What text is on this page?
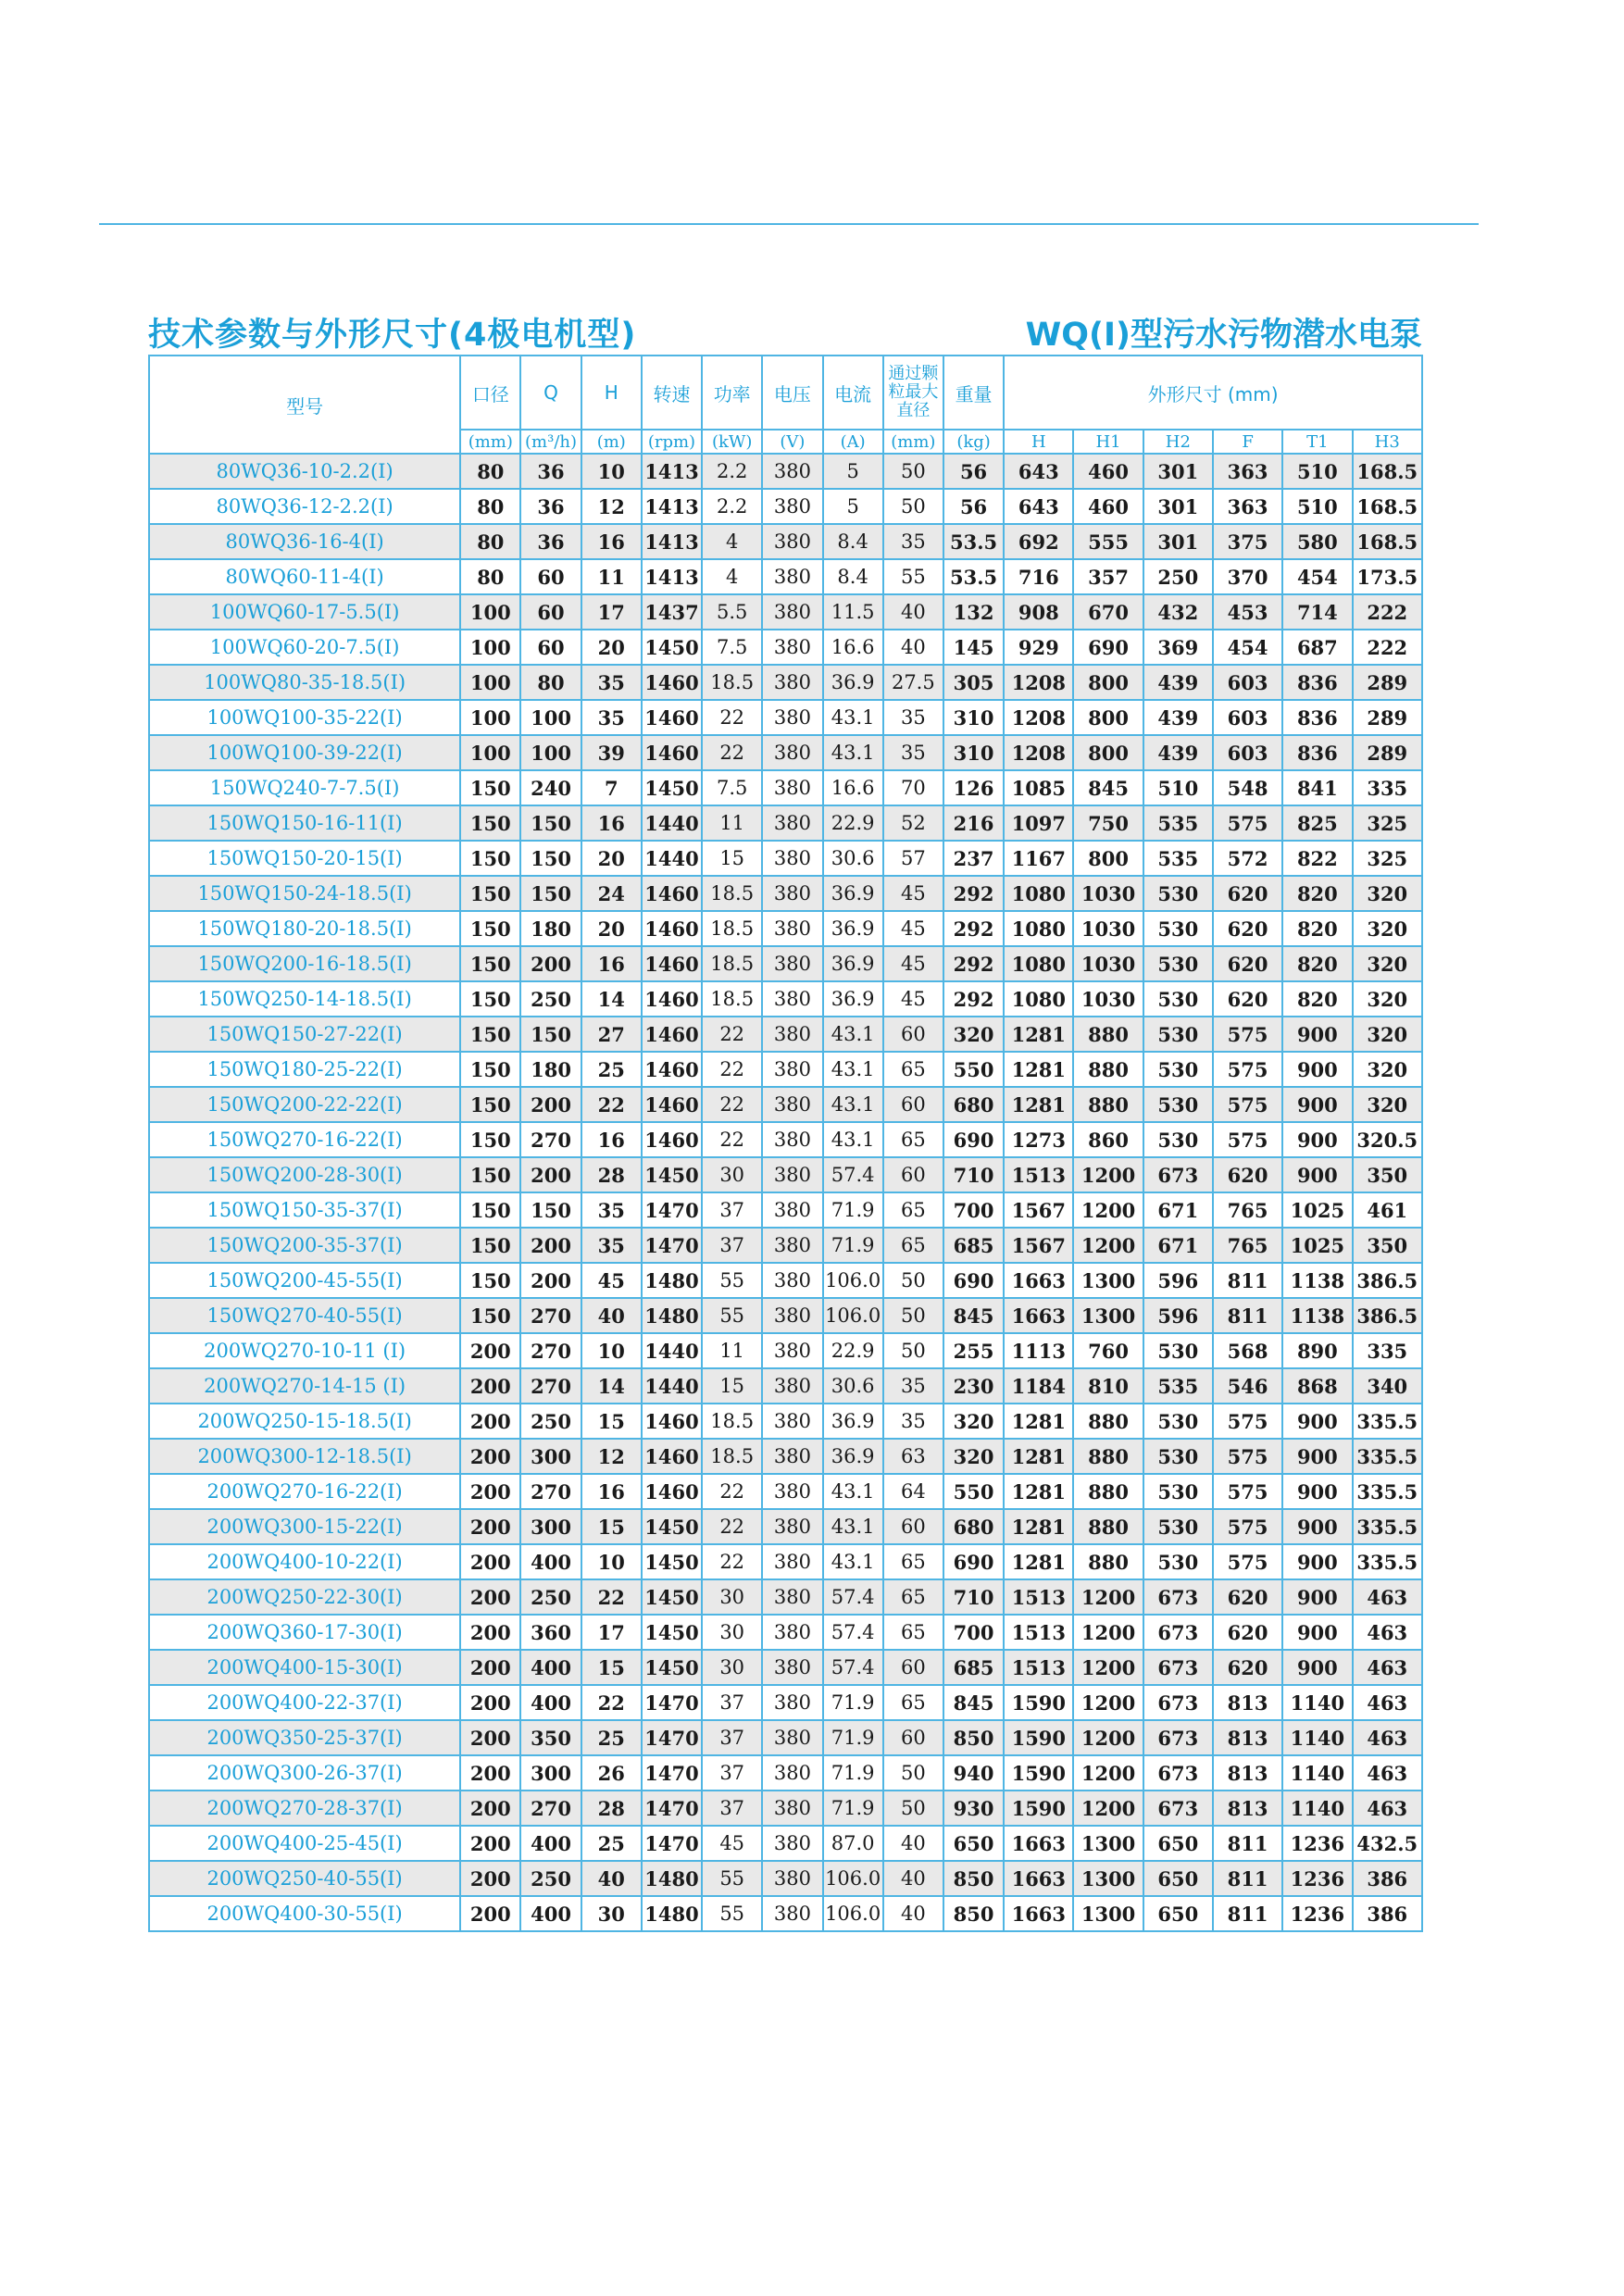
技术参数与外形尺寸(4极电机型)	WQ(I)型污水污物潜水电泵
型号	口径	Q	H	转速	功率	电压	电流	通过颗粒最大直径	重量	外形尺寸 (mm)					
	(mm)	(m³/h)	(m)	(rpm)	(kW)	(V)	(A)	(mm)	(kg)	H	H1	H2	F	T1	H3
80WQ36-10-2.2(I)	80	36	10	1413	2.2	380	5	50	56	643	460	301	363	510	168.5
80WQ36-12-2.2(I)	80	36	12	1413	2.2	380	5	50	56	643	460	301	363	510	168.5
80WQ36-16-4(I)	80	36	16	1413	4	380	8.4	35	53.5	692	555	301	375	580	168.5
80WQ60-11-4(I)	80	60	11	1413	4	380	8.4	55	53.5	716	357	250	370	454	173.5
100WQ60-17-5.5(I)	100	60	17	1437	5.5	380	11.5	40	132	908	670	432	453	714	222
100WQ60-20-7.5(I)	100	60	20	1450	7.5	380	16.6	40	145	929	690	369	454	687	222
100WQ80-35-18.5(I)	100	80	35	1460	18.5	380	36.9	27.5	305	1208	800	439	603	836	289
100WQ100-35-22(I)	100	100	35	1460	22	380	43.1	35	310	1208	800	439	603	836	289
100WQ100-39-22(I)	100	100	39	1460	22	380	43.1	35	310	1208	800	439	603	836	289
150WQ240-7-7.5(I)	150	240	7	1450	7.5	380	16.6	70	126	1085	845	510	548	841	335
150WQ150-16-11(I)	150	150	16	1440	11	380	22.9	52	216	1097	750	535	575	825	325
150WQ150-20-15(I)	150	150	20	1440	15	380	30.6	57	237	1167	800	535	572	822	325
150WQ150-24-18.5(I)	150	150	24	1460	18.5	380	36.9	45	292	1080	1030	530	620	820	320
150WQ180-20-18.5(I)	150	180	20	1460	18.5	380	36.9	45	292	1080	1030	530	620	820	320
150WQ200-16-18.5(I)	150	200	16	1460	18.5	380	36.9	45	292	1080	1030	530	620	820	320
150WQ250-14-18.5(I)	150	250	14	1460	18.5	380	36.9	45	292	1080	1030	530	620	820	320
150WQ150-27-22(I)	150	150	27	1460	22	380	43.1	60	320	1281	880	530	575	900	320
150WQ180-25-22(I)	150	180	25	1460	22	380	43.1	65	550	1281	880	530	575	900	320
150WQ200-22-22(I)	150	200	22	1460	22	380	43.1	60	680	1281	880	530	575	900	320
150WQ270-16-22(I)	150	270	16	1460	22	380	43.1	65	690	1273	860	530	575	900	320.5
150WQ200-28-30(I)	150	200	28	1450	30	380	57.4	60	710	1513	1200	673	620	900	350
150WQ150-35-37(I)	150	150	35	1470	37	380	71.9	65	700	1567	1200	671	765	1025	461
150WQ200-35-37(I)	150	200	35	1470	37	380	71.9	65	685	1567	1200	671	765	1025	350
150WQ200-45-55(I)	150	200	45	1480	55	380	106.0	50	690	1663	1300	596	811	1138	386.5
150WQ270-40-55(I)	150	270	40	1480	55	380	106.0	50	845	1663	1300	596	811	1138	386.5
200WQ270-10-11 (I)	200	270	10	1440	11	380	22.9	50	255	1113	760	530	568	890	335
200WQ270-14-15 (I)	200	270	14	1440	15	380	30.6	35	230	1184	810	535	546	868	340
200WQ250-15-18.5(I)	200	250	15	1460	18.5	380	36.9	35	320	1281	880	530	575	900	335.5
200WQ300-12-18.5(I)	200	300	12	1460	18.5	380	36.9	63	320	1281	880	530	575	900	335.5
200WQ270-16-22(I)	200	270	16	1460	22	380	43.1	64	550	1281	880	530	575	900	335.5
200WQ300-15-22(I)	200	300	15	1450	22	380	43.1	60	680	1281	880	530	575	900	335.5
200WQ400-10-22(I)	200	400	10	1450	22	380	43.1	65	690	1281	880	530	575	900	335.5
200WQ250-22-30(I)	200	250	22	1450	30	380	57.4	65	710	1513	1200	673	620	900	463
200WQ360-17-30(I)	200	360	17	1450	30	380	57.4	65	700	1513	1200	673	620	900	463
200WQ400-15-30(I)	200	400	15	1450	30	380	57.4	60	685	1513	1200	673	620	900	463
200WQ400-22-37(I)	200	400	22	1470	37	380	71.9	65	845	1590	1200	673	813	1140	463
200WQ350-25-37(I)	200	350	25	1470	37	380	71.9	60	850	1590	1200	673	813	1140	463
200WQ300-26-37(I)	200	300	26	1470	37	380	71.9	50	940	1590	1200	673	813	1140	463
200WQ270-28-37(I)	200	270	28	1470	37	380	71.9	50	930	1590	1200	673	813	1140	463
200WQ400-25-45(I)	200	400	25	1470	45	380	87.0	40	650	1663	1300	650	811	1236	432.5
200WQ250-40-55(I)	200	250	40	1480	55	380	106.0	40	850	1663	1300	650	811	1236	386
200WQ400-30-55(I)	200	400	30	1480	55	380	106.0	40	850	1663	1300	650	811	1236	386
